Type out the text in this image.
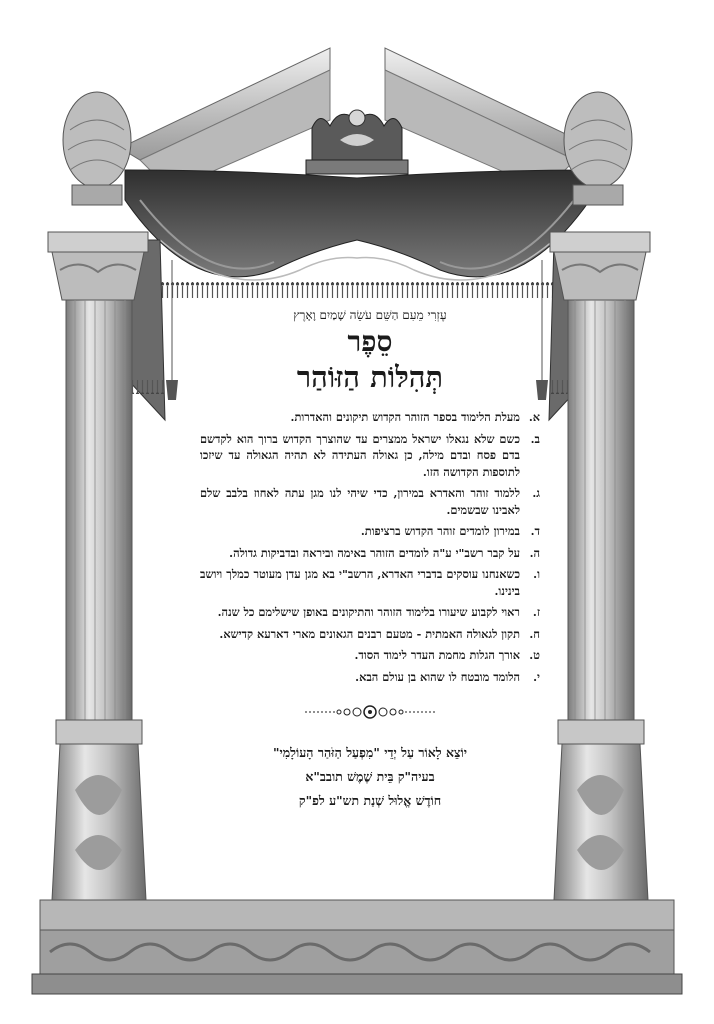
עֶזְרִי מֵעִם הַשֵּׁם עֹשֵׂה שָׁמַיִם וָאָרֶץ

סֵפֶר

תְּהִלּוֹת הַזּוֹהַר

א.
מעלת הלימוד בספר הזוהר הקדוש תיקונים והאדרות.
ב.
כשם שלא נגאלו ישראל ממצרים עד שהוצרך הקדוש ברוך הוא לקדשם בדם פסח ובדם מילה, כן גאולה העתידה לא תהיה הגאולה עד שיזכו לתוספות הקדושה הזו.
ג.
ללמוד זוהר והאדרא במירון, כדי שיהי לנו מגן עתה לאחוז בלבב שלם לאבינו שבשמים.
ד.
במירון לומדים זוהר הקדוש ברציפות.
ה.
על קבר רשב"י ע"ה לומדים הזוהר באימה וביראה ובדביקות גדולה.
ו.
כשאנחנו עוסקים בדברי האדרא, הרשב"י בא מגן עדן מעוטר כמלך ויושב בינינו.
ז.
ראוי לקבוע שיעורו בלימוד הזוהר והתיקונים באופן שישלימם כל שנה.
ח.
תקון לגאולה האמתית - מטעם רבנים הגאונים מארי דארעא קדישא.
ט.
אורך הגלות מחמת העדר לימוד הסוד.
י.
הלומד מובטח לו שהוא בן עולם הבא.

יוֹצֵא לָאוֹר עַל יְדֵי "מִפְעַל הַזֹּהַר הָעוֹלָמִי"

בעיה"ק בֵּית שֶׁמֶשׁ תובב"א

חוֹדֶשׁ אֱלוּל שְׁנַת תש"ע לפ"ק
